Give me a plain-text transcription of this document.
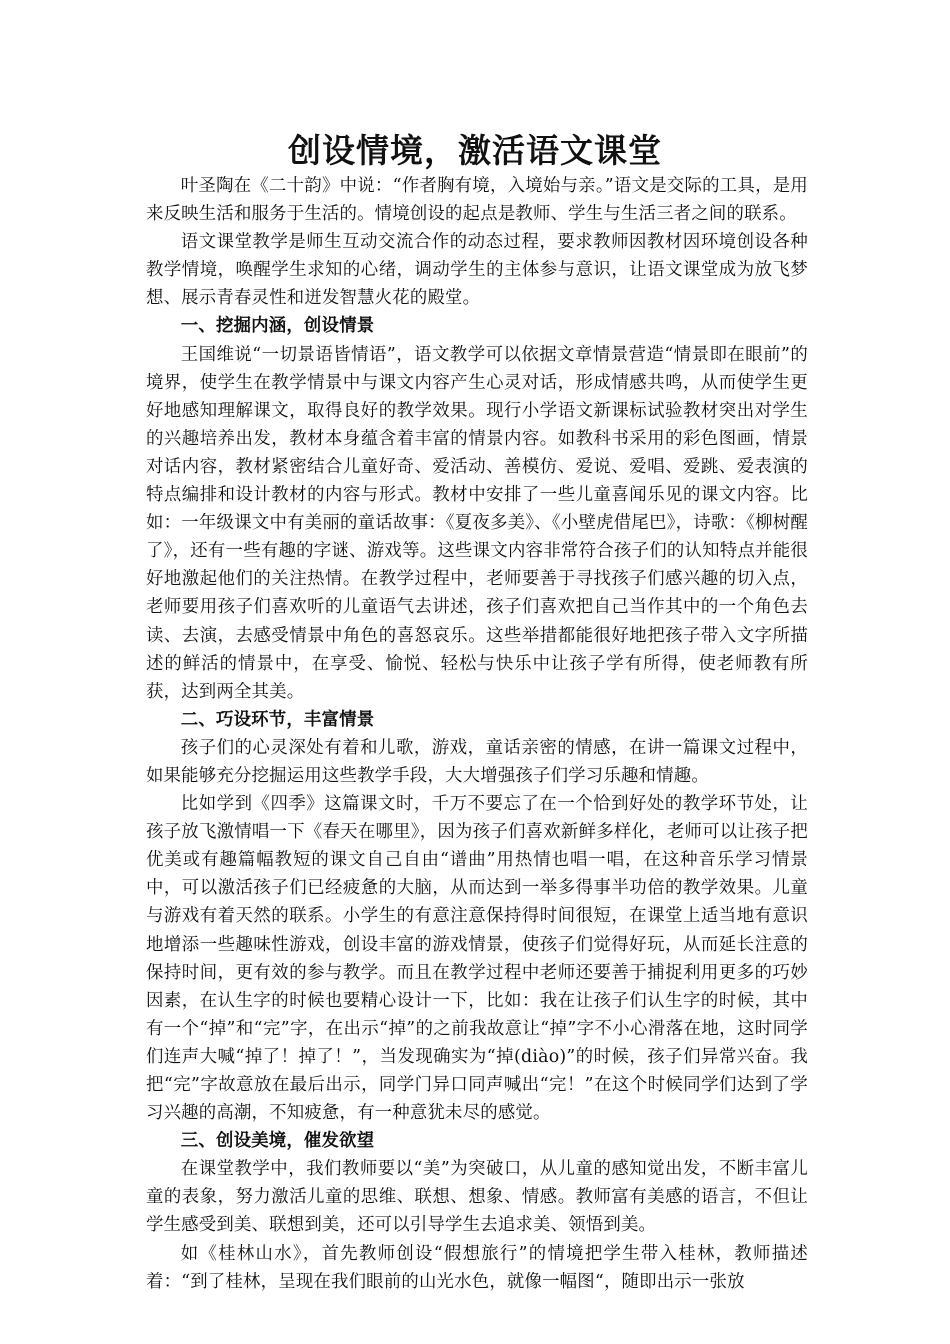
创设情境，激活语文课堂

叶圣陶在《二十韵》中说：“作者胸有境，入境始与亲。”语文是交际的工具，是用来反映生活和服务于生活的。情境创设的起点是教师、学生与生活三者之间的联系。

语文课堂教学是师生互动交流合作的动态过程，要求教师因教材因环境创设各种教学情境，唤醒学生求知的心绪，调动学生的主体参与意识，让语文课堂成为放飞梦想、展示青春灵性和迸发智慧火花的殿堂。

一、挖掘内涵，创设情景

王国维说“一切景语皆情语”，语文教学可以依据文章情景营造“情景即在眼前”的境界，使学生在教学情景中与课文内容产生心灵对话，形成情感共鸣，从而使学生更好地感知理解课文，取得良好的教学效果。现行小学语文新课标试验教材突出对学生的兴趣培养出发，教材本身蕴含着丰富的情景内容。如教科书采用的彩色图画，情景对话内容，教材紧密结合儿童好奇、爱活动、善模仿、爱说、爱唱、爱跳、爱表演的特点编排和设计教材的内容与形式。教材中安排了一些儿童喜闻乐见的课文内容。比如：一年级课文中有美丽的童话故事：《夏夜多美》、《小壁虎借尾巴》，诗歌：《柳树醒了》，还有一些有趣的字谜、游戏等。这些课文内容非常符合孩子们的认知特点并能很好地激起他们的关注热情。在教学过程中，老师要善于寻找孩子们感兴趣的切入点，老师要用孩子们喜欢听的儿童语气去讲述，孩子们喜欢把自己当作其中的一个角色去读、去演，去感受情景中角色的喜怒哀乐。这些举措都能很好地把孩子带入文字所描述的鲜活的情景中，在享受、愉悦、轻松与快乐中让孩子学有所得，使老师教有所获，达到两全其美。

二、巧设环节，丰富情景

孩子们的心灵深处有着和儿歌，游戏，童话亲密的情感，在讲一篇课文过程中，如果能够充分挖掘运用这些教学手段，大大增强孩子们学习乐趣和情趣。

比如学到《四季》这篇课文时，千万不要忘了在一个恰到好处的教学环节处，让孩子放飞激情唱一下《春天在哪里》，因为孩子们喜欢新鲜多样化，老师可以让孩子把优美或有趣篇幅教短的课文自己自由“谱曲”用热情也唱一唱，在这种音乐学习情景中，可以激活孩子们已经疲惫的大脑，从而达到一举多得事半功倍的教学效果。儿童与游戏有着天然的联系。小学生的有意注意保持得时间很短，在课堂上适当地有意识地增添一些趣味性游戏，创设丰富的游戏情景，使孩子们觉得好玩，从而延长注意的保持时间，更有效的参与教学。而且在教学过程中老师还要善于捕捉利用更多的巧妙因素，在认生字的时候也要精心设计一下，比如：我在让孩子们认生字的时候，其中有一个“掉”和“完”字，在出示“掉”的之前我故意让“掉”字不小心滑落在地，这时同学们连声大喊“掉了！掉了！”，当发现确实为“掉(diào)”的时候，孩子们异常兴奋。我把“完”字故意放在最后出示，同学门异口同声喊出“完！”在这个时候同学们达到了学习兴趣的高潮，不知疲惫，有一种意犹未尽的感觉。

三、创设美境，催发欲望

在课堂教学中，我们教师要以“美”为突破口，从儿童的感知觉出发，不断丰富儿童的表象，努力激活儿童的思维、联想、想象、情感。教师富有美感的语言，不但让学生感受到美、联想到美，还可以引导学生去追求美、领悟到美。

如《桂林山水》，首先教师创设“假想旅行”的情境把学生带入桂林，教师描述着：“到了桂林，呈现在我们眼前的山光水色，就像一幅图“，随即出示一张放
